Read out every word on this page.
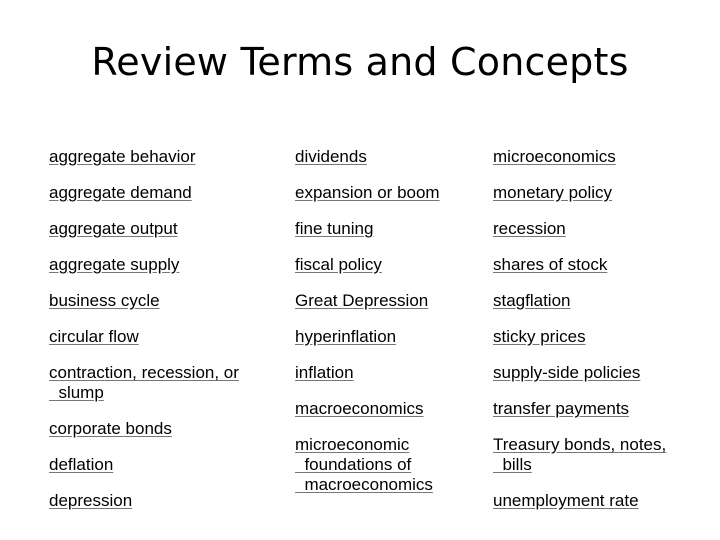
Review Terms and Concepts
aggregate behavior
aggregate demand
aggregate output
aggregate supply
business cycle
circular flow
contraction, recession, or
slump
corporate bonds
deflation
depression
dividends
expansion or boom
fine tuning
fiscal policy
Great Depression
hyperinflation
inflation
macroeconomics
microeconomic
foundations of
macroeconomics
microeconomics
monetary policy
recession
shares of stock
stagflation
sticky prices
supply-side policies
transfer payments
Treasury bonds, notes,
bills
unemployment rate
